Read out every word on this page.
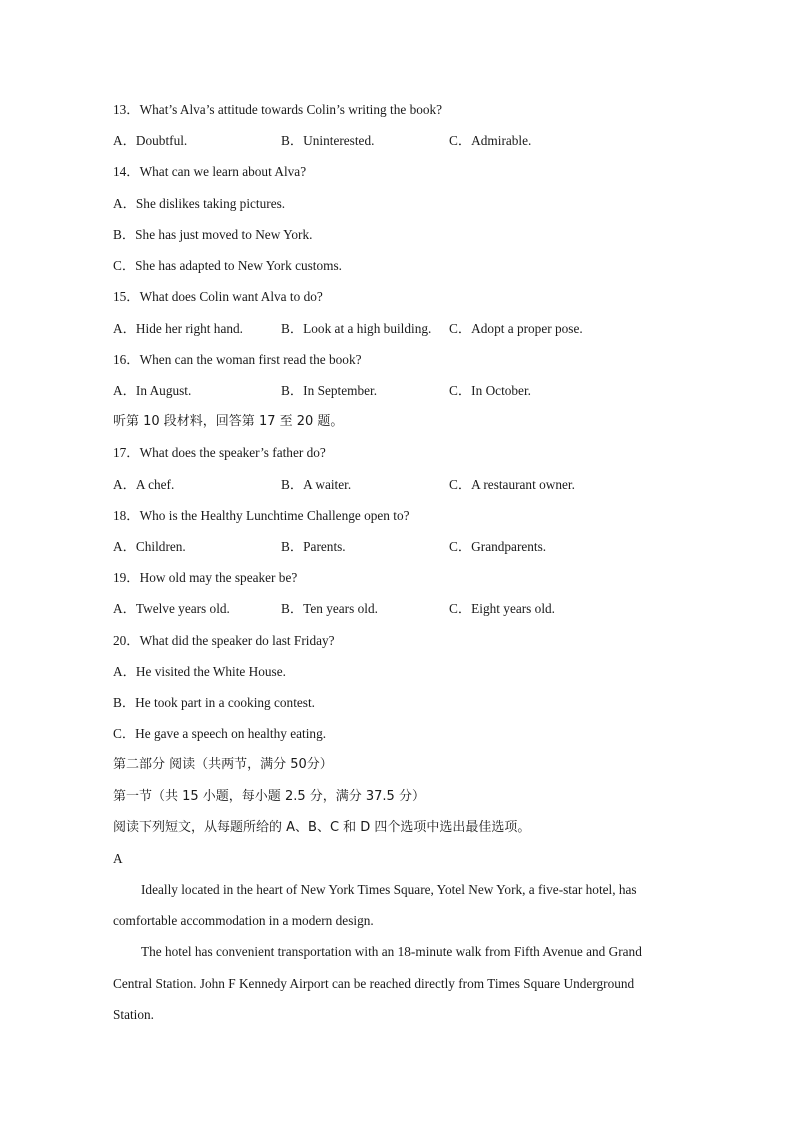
13．What’s Alva’s attitude towards Colin’s writing the book?
A．Doubtful.	B．Uninterested.	C．Admirable.
14．What can we learn about Alva?
A．She dislikes taking pictures.
B．She has just moved to New York.
C．She has adapted to New York customs.
15．What does Colin want Alva to do?
A．Hide her right hand.	B．Look at a high building. C．Adopt a proper pose.
16．When can the woman first read the book?
A．In August.	B．In September.	C．In October.
听第 10 段材料，回答第 17 至 20 题。
17．What does the speaker’s father do?
A．A chef.	B．A waiter.	C．A restaurant owner.
18．Who is the Healthy Lunchtime Challenge open to?
A．Children.	B．Parents.	C．Grandparents.
19．How old may the speaker be?
A．Twelve years old.	B．Ten years old.	C．Eight years old.
20．What did the speaker do last Friday?
A．He visited the White House.
B．He took part in a cooking contest.
C．He gave a speech on healthy eating.
第二部分 阅读（共两节，满分 50分）
第一节（共 15 小题，每小题 2.5 分，满分 37.5 分）
阅读下列短文，从每题所给的 A、B、C 和 D 四个选项中选出最佳选项。
A
Ideally located in the heart of New York Times Square, Yotel New York, a five-star hotel, has
comfortable accommodation in a modern design.
The hotel has convenient transportation with an 18-minute walk from Fifth Avenue and Grand
Central Station. John F Kennedy Airport can be reached directly from Times Square Underground
Station.
